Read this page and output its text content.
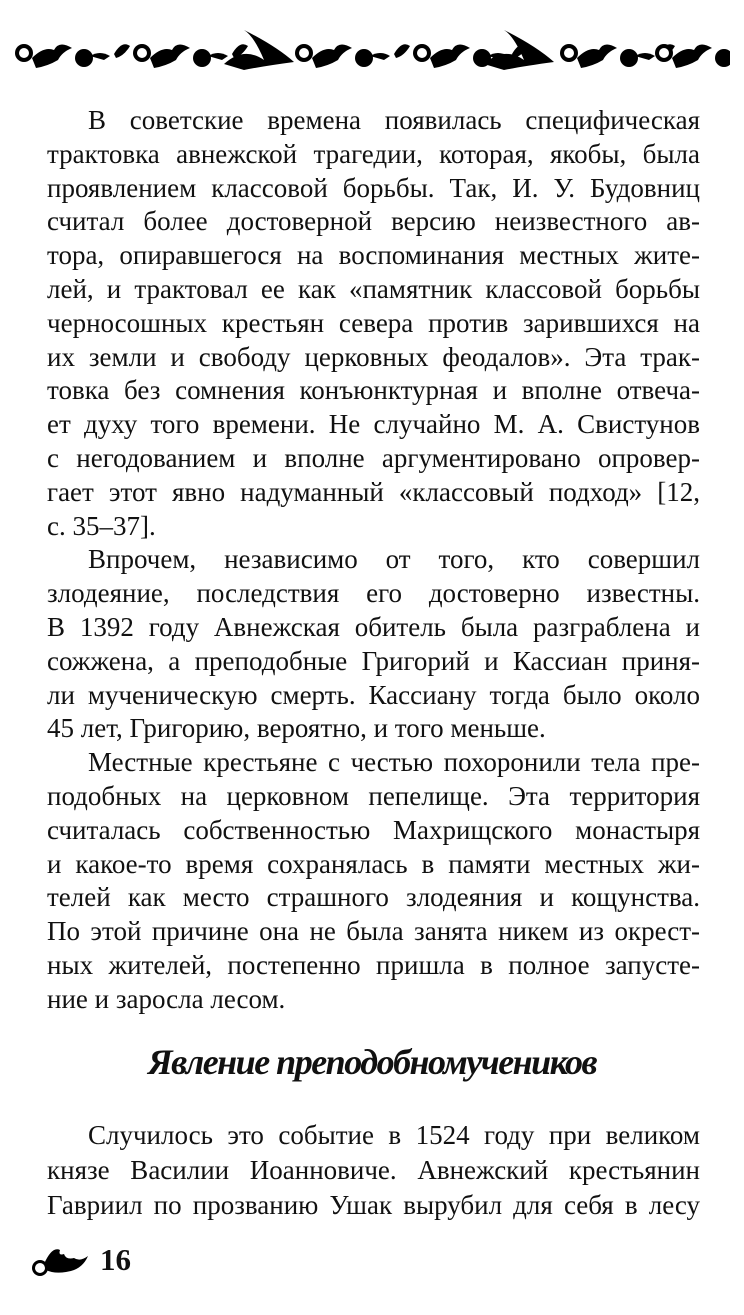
В советские времена появилась специфическая
трактовка авнежской трагедии, которая, якобы, была
проявлением классовой борьбы. Так, И. У. Будовниц
считал более достоверной версию неизвестного ав-
тора, опиравшегося на воспоминания местных жите-
лей, и трактовал ее как «памятник классовой борьбы
черносошных крестьян севера против зарившихся на
их земли и свободу церковных феодалов». Эта трак-
товка без сомнения конъюнктурная и вполне отвеча-
ет духу того времени. Не случайно М. А. Свистунов
с негодованием и вполне аргументировано опровер-
гает этот явно надуманный «классовый подход» [12,
с. 35–37].
Впрочем, независимо от того, кто совершил
злодеяние, последствия его достоверно известны.
В 1392 году Авнежская обитель была разграблена и
сожжена, а преподобные Григорий и Кассиан приня-
ли мученическую смерть. Кассиану тогда было около
45 лет, Григорию, вероятно, и того меньше.
Местные крестьяне с честью похоронили тела пре-
подобных на церковном пепелище. Эта территория
считалась собственностью Махрищского монастыря
и какое-то время сохранялась в памяти местных жи-
телей как место страшного злодеяния и кощунства.
По этой причине она не была занята никем из окрест-
ных жителей, постепенно пришла в полное запусте-
ние и заросла лесом.
Явление преподобномучеников
Случилось это событие в 1524 году при великом
князе Василии Иоанновиче. Авнежский крестьянин
Гавриил по прозванию Ушак вырубил для себя в лесу
16
